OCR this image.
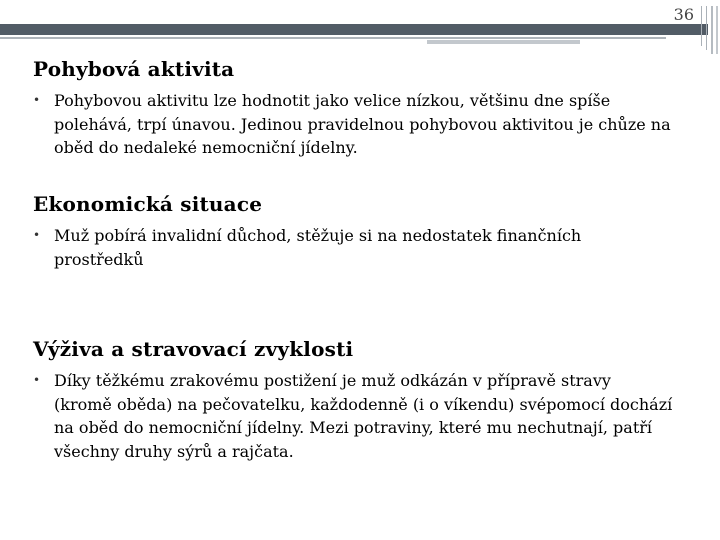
36
Pohybová aktivita
• Pohybovou aktivitu lze hodnotit jako velice nízkou, většinu dne spíše polehává, trpí únavou. Jedinou pravidelnou pohybovou aktivitou je chůze na oběd do nedaleké nemocniční jídelny.
Ekonomická situace
• Muž pobírá invalidní důchod, stěžuje si na nedostatek finančních prostředků
Výživa a stravovací zvyklosti
• Díky těžkému zrakovému postižení je muž odkázán v přípravě stravy (kromě oběda) na pečovatelku, každodenně (i o víkendu) svépomocí dochází na oběd do nemocniční jídelny. Mezi potraviny, které mu nechutnají, patří všechny druhy sýrů a rajčata.
